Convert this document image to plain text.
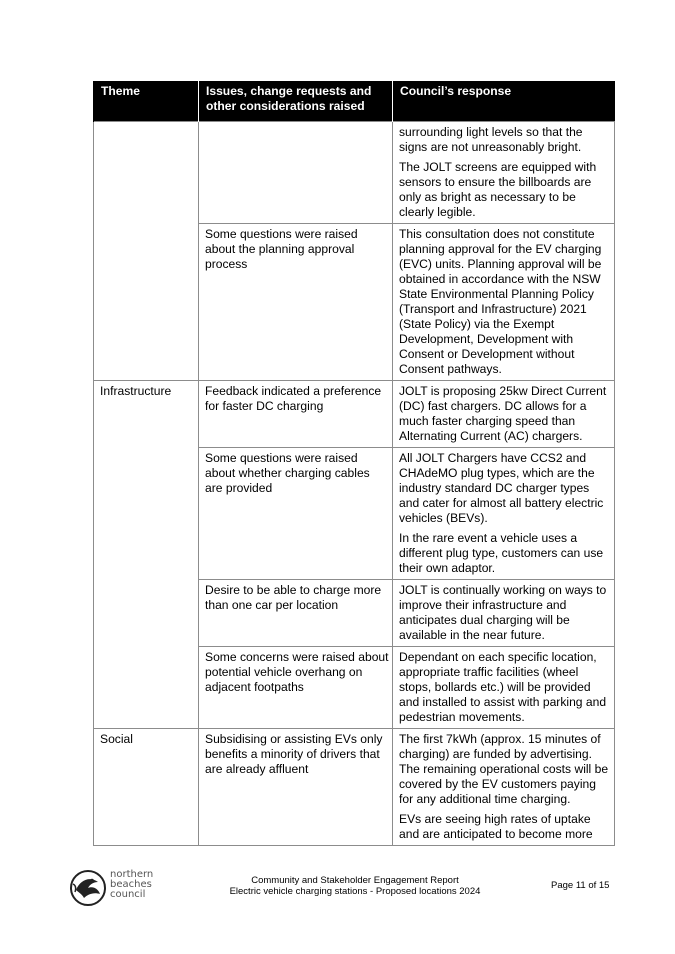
Theme	Issues, change requests and other considerations raised	Council’s response

		surrounding light levels so that the signs are not unreasonably bright.
The JOLT screens are equipped with sensors to ensure the billboards are only as bright as necessary to be clearly legible.

	Some questions were raised about the planning approval process	This consultation does not constitute planning approval for the EV charging (EVC) units. Planning approval will be obtained in accordance with the NSW State Environmental Planning Policy (Transport and Infrastructure) 2021 (State Policy) via the Exempt Development, Development with Consent or Development without Consent pathways.

Infrastructure	Feedback indicated a preference for faster DC charging	JOLT is proposing 25kw Direct Current (DC) fast chargers. DC allows for a much faster charging speed than Alternating Current (AC) chargers.

	Some questions were raised about whether charging cables are provided	All JOLT Chargers have CCS2 and CHAdeMO plug types, which are the industry standard DC charger types and cater for almost all battery electric vehicles (BEVs).
In the rare event a vehicle uses a different plug type, customers can use their own adaptor.

	Desire to be able to charge more than one car per location	JOLT is continually working on ways to improve their infrastructure and anticipates dual charging will be available in the near future.

	Some concerns were raised about potential vehicle overhang on adjacent footpaths	Dependant on each specific location, appropriate traffic facilities (wheel stops, bollards etc.) will be provided and installed to assist with parking and pedestrian movements.

Social	Subsidising or assisting EVs only benefits a minority of drivers that are already affluent	The first 7kWh (approx. 15 minutes of charging) are funded by advertising. The remaining operational costs will be covered by the EV customers paying for any additional time charging.
EVs are seeing high rates of uptake and are anticipated to become more
northern
beaches
council
Community and Stakeholder Engagement Report
Electric vehicle charging stations - Proposed locations 2024
Page 11 of 15
